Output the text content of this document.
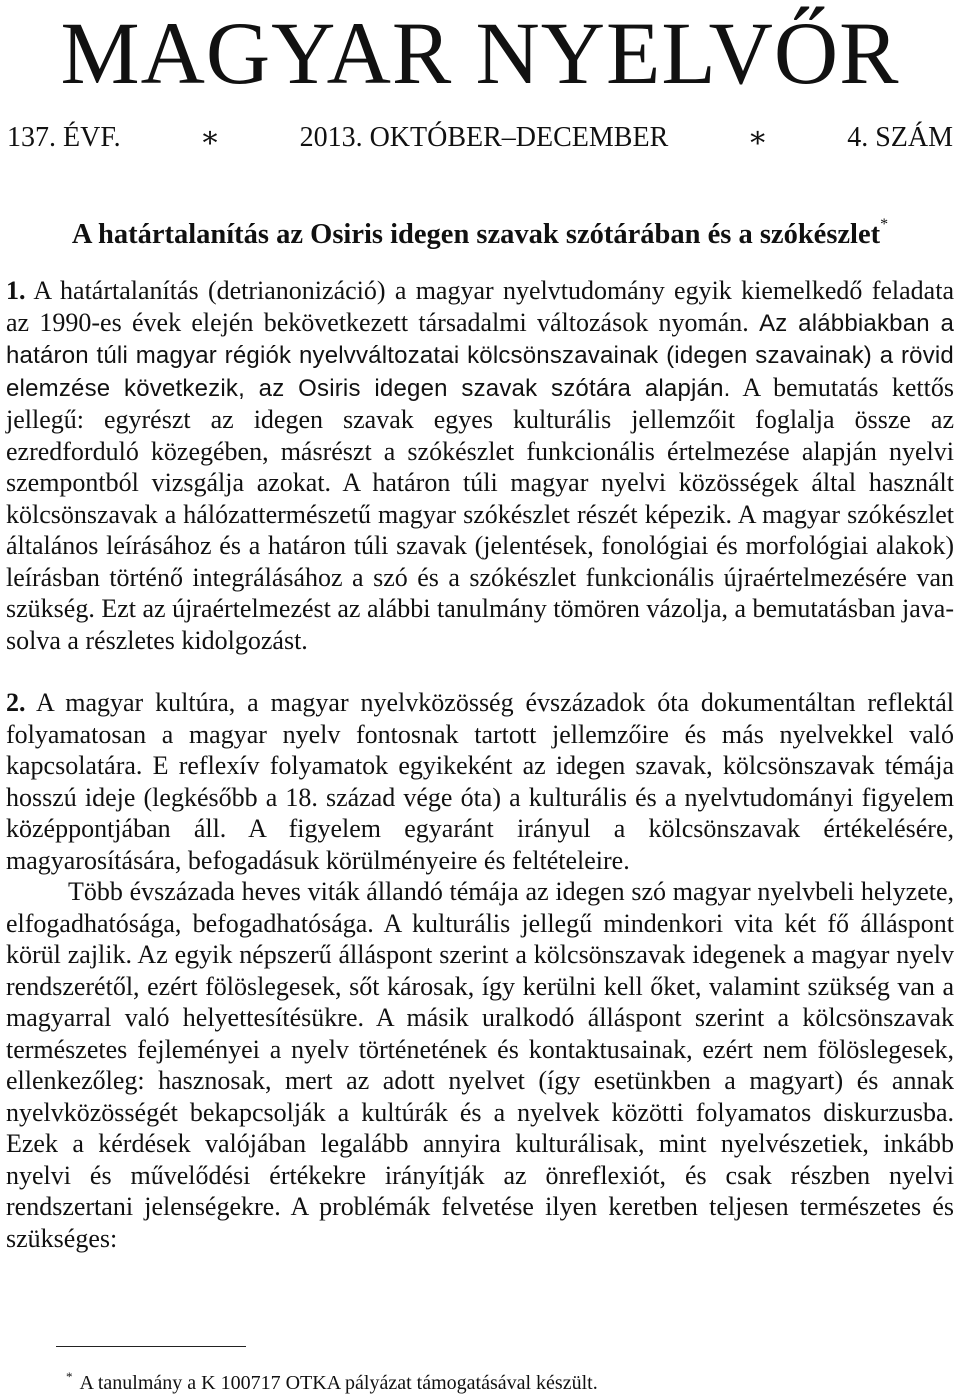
MAGYAR NYELVŐR
137. ÉVF.	∗	2013. OKTÓBER–DECEMBER	∗	4. SZÁM
A határtalanítás az Osiris idegen szavak szótárában és a szókészlet*

1. A határtalanítás (detrianonizáció) a magyar nyelvtudomány egyik kiemelkedő feladata az 1990-es évek elején bekövetkezett társadalmi változások nyomán. Az alábbiakban a határon túli magyar régiók nyelvváltozatai kölcsönszavainak (idegen szavainak) a rövid elemzése következik, az Osiris idegen szavak szótára alapján. A bemutatás kettős jellegű: egyrészt az idegen szavak egyes kulturális jellemzőit foglalja össze az ezredforduló közegében, másrészt a szókészlet funkcionális értelmezése alapján nyelvi szempontból vizsgálja azokat. A határon túli magyar nyelvi közösségek által használt kölcsönszavak a hálózattermészetű magyar szókészlet részét képezik. A magyar szókészlet általános leírásához és a határon túli szavak (jelentések, fonológiai és morfológiai alakok) leírásban történő integrálásához a szó és a szókészlet funkcionális újraértelmezésére van szükség. Ezt az újraértelmezést az alábbi tanulmány tömören vázolja, a bemutatásban javasolva a részletes kidolgozást.

2. A magyar kultúra, a magyar nyelvközösség évszázadok óta dokumentáltan reflektál folyamatosan a magyar nyelv fontosnak tartott jellemzőire és más nyelvekkel való kapcsolatára. E reflexív folyamatok egyikeként az idegen szavak, kölcsönszavak témája hosszú ideje (legkésőbb a 18. század vége óta) a kulturális és a nyelvtudományi figyelem középpontjában áll. A figyelem egyaránt irányul a kölcsönszavak értékelésére, magyarosítására, befogadásuk körülményeire és feltételeire.

Több évszázada heves viták állandó témája az idegen szó magyar nyelvbeli helyzete, elfogadhatósága, befogadhatósága. A kulturális jellegű mindenkori vita két fő álláspont körül zajlik. Az egyik népszerű álláspont szerint a kölcsönszavak idegenek a magyar nyelv rendszerétől, ezért fölöslegesek, sőt károsak, így kerülni kell őket, valamint szükség van a magyarral való helyettesítésükre. A másik uralkodó álláspont szerint a kölcsönszavak természetes fejleményei a nyelv történetének és kontaktusainak, ezért nem fölöslegesek, ellenkezőleg: hasznosak, mert az adott nyelvet (így esetünkben a magyart) és annak nyelvközösségét bekapcsolják a kultúrák és a nyelvek közötti folyamatos diskurzusba. Ezek a kérdések valójában legalább annyira kulturálisak, mint nyelvészetiek, inkább nyelvi és művelődési értékekre irányítják az önreflexiót, és csak részben nyelvi rendszertani jelenségekre. A problémák felvetése ilyen keretben teljesen természetes és szükséges:

* A tanulmány a K 100717 OTKA pályázat támogatásával készült.
